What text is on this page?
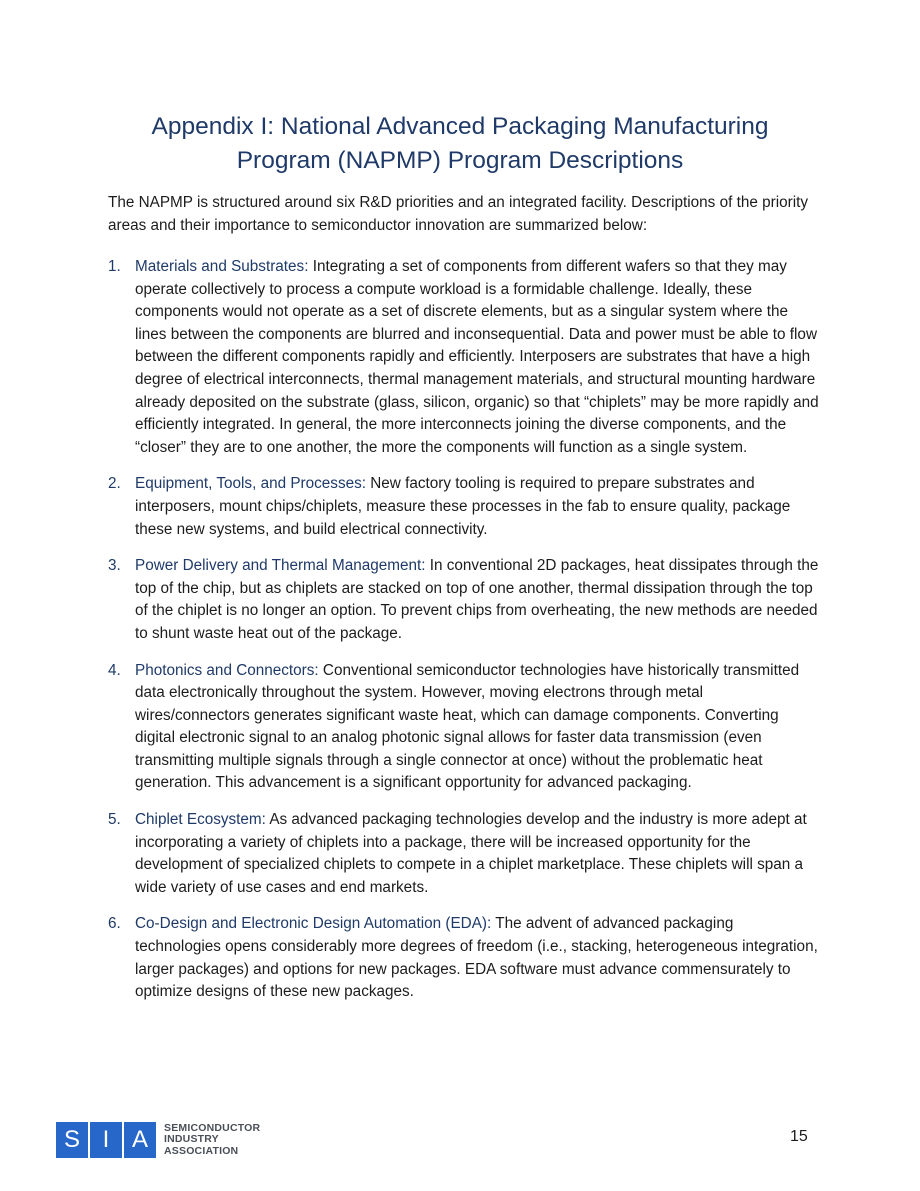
Appendix I: National Advanced Packaging Manufacturing
Program (NAPMP) Program Descriptions

The NAPMP is structured around six R&D priorities and an integrated facility. Descriptions of the priority areas and their importance to semiconductor innovation are summarized below:

1. Materials and Substrates: Integrating a set of components from different wafers so that they may operate collectively to process a compute workload is a formidable challenge. Ideally, these components would not operate as a set of discrete elements, but as a singular system where the lines between the components are blurred and inconsequential. Data and power must be able to flow between the different components rapidly and efficiently. Interposers are substrates that have a high degree of electrical interconnects, thermal management materials, and structural mounting hardware already deposited on the substrate (glass, silicon, organic) so that “chiplets” may be more rapidly and efficiently integrated. In general, the more interconnects joining the diverse components, and the “closer” they are to one another, the more the components will function as a single system.
2. Equipment, Tools, and Processes: New factory tooling is required to prepare substrates and interposers, mount chips/chiplets, measure these processes in the fab to ensure quality, package these new systems, and build electrical connectivity.
3. Power Delivery and Thermal Management: In conventional 2D packages, heat dissipates through the top of the chip, but as chiplets are stacked on top of one another, thermal dissipation through the top of the chiplet is no longer an option. To prevent chips from overheating, the new methods are needed to shunt waste heat out of the package.
4. Photonics and Connectors: Conventional semiconductor technologies have historically transmitted data electronically throughout the system. However, moving electrons through metal wires/connectors generates significant waste heat, which can damage components. Converting digital electronic signal to an analog photonic signal allows for faster data transmission (even transmitting multiple signals through a single connector at once) without the problematic heat generation. This advancement is a significant opportunity for advanced packaging.
5. Chiplet Ecosystem: As advanced packaging technologies develop and the industry is more adept at incorporating a variety of chiplets into a package, there will be increased opportunity for the development of specialized chiplets to compete in a chiplet marketplace. These chiplets will span a wide variety of use cases and end markets.
6. Co-Design and Electronic Design Automation (EDA): The advent of advanced packaging technologies opens considerably more degrees of freedom (i.e., stacking, heterogeneous integration, larger packages) and options for new packages. EDA software must advance commensurately to optimize designs of these new packages.
S I A	SEMICONDUCTOR
INDUSTRY
ASSOCIATION
15
